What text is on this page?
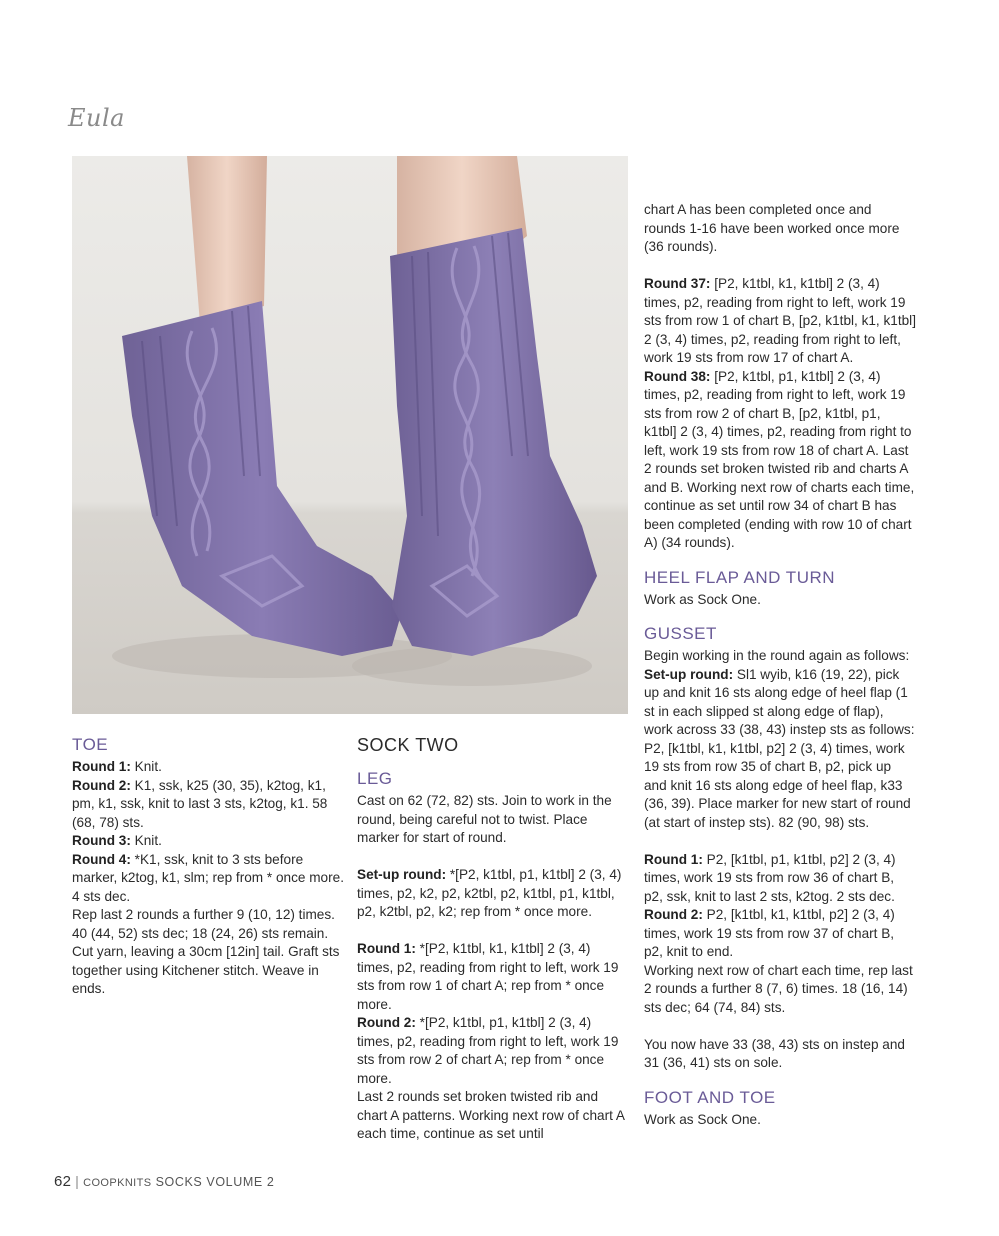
Eula
TOE

Round 1: Knit.

Round 2: K1, ssk, k25 (30, 35), k2tog, k1, pm, k1, ssk, knit to last 3 sts, k2tog, k1. 58 (68, 78) sts.

Round 3: Knit.

Round 4: *K1, ssk, knit to 3 sts before marker, k2tog, k1, slm; rep from * once more. 4 sts dec.

Rep last 2 rounds a further 9 (10, 12) times. 40 (44, 52) sts dec; 18 (24, 26) sts remain. Cut yarn, leaving a 30cm [12in] tail. Graft sts together using Kitchener stitch. Weave in ends.

SOCK TWO
LEG

Cast on 62 (72, 82) sts. Join to work in the round, being careful not to twist. Place marker for start of round.

Set-up round: *[P2, k1tbl, p1, k1tbl] 2 (3, 4) times, p2, k2, p2, k2tbl, p2, k1tbl, p1, k1tbl, p2, k2tbl, p2, k2; rep from * once more.

Round 1: *[P2, k1tbl, k1, k1tbl] 2 (3, 4) times, p2, reading from right to left, work 19 sts from row 1 of chart A; rep from * once more.

Round 2: *[P2, k1tbl, p1, k1tbl] 2 (3, 4) times, p2, reading from right to left, work 19 sts from row 2 of chart A; rep from * once more.

Last 2 rounds set broken twisted rib and chart A patterns. Working next row of chart A each time, continue as set until

chart A has been completed once and rounds 1-16 have been worked once more (36 rounds).

Round 37: [P2, k1tbl, k1, k1tbl] 2 (3, 4) times, p2, reading from right to left, work 19 sts from row 1 of chart B, [p2, k1tbl, k1, k1tbl] 2 (3, 4) times, p2, reading from right to left, work 19 sts from row 17 of chart A.

Round 38: [P2, k1tbl, p1, k1tbl] 2 (3, 4) times, p2, reading from right to left, work 19 sts from row 2 of chart B, [p2, k1tbl, p1, k1tbl] 2 (3, 4) times, p2, reading from right to left, work 19 sts from row 18 of chart A. Last 2 rounds set broken twisted rib and charts A and B. Working next row of charts each time, continue as set until row 34 of chart B has been completed (ending with row 10 of chart A) (34 rounds).

HEEL FLAP AND TURN

Work as Sock One.

GUSSET

Begin working in the round again as follows:

Set-up round: Sl1 wyib, k16 (19, 22), pick up and knit 16 sts along edge of heel flap (1 st in each slipped st along edge of flap), work across 33 (38, 43) instep sts as follows: P2, [k1tbl, k1, k1tbl, p2] 2 (3, 4) times, work 19 sts from row 35 of chart B, p2, pick up and knit 16 sts along edge of heel flap, k33 (36, 39). Place marker for new start of round (at start of instep sts). 82 (90, 98) sts.

Round 1: P2, [k1tbl, p1, k1tbl, p2] 2 (3, 4) times, work 19 sts from row 36 of chart B, p2, ssk, knit to last 2 sts, k2tog. 2 sts dec.

Round 2: P2, [k1tbl, k1, k1tbl, p2] 2 (3, 4) times, work 19 sts from row 37 of chart B, p2, knit to end.

Working next row of chart each time, rep last 2 rounds a further 8 (7, 6) times. 18 (16, 14) sts dec; 64 (74, 84) sts.

You now have 33 (38, 43) sts on instep and 31 (36, 41) sts on sole.

FOOT AND TOE

Work as Sock One.

62 | COOPKNITS SOCKS VOLUME 2
